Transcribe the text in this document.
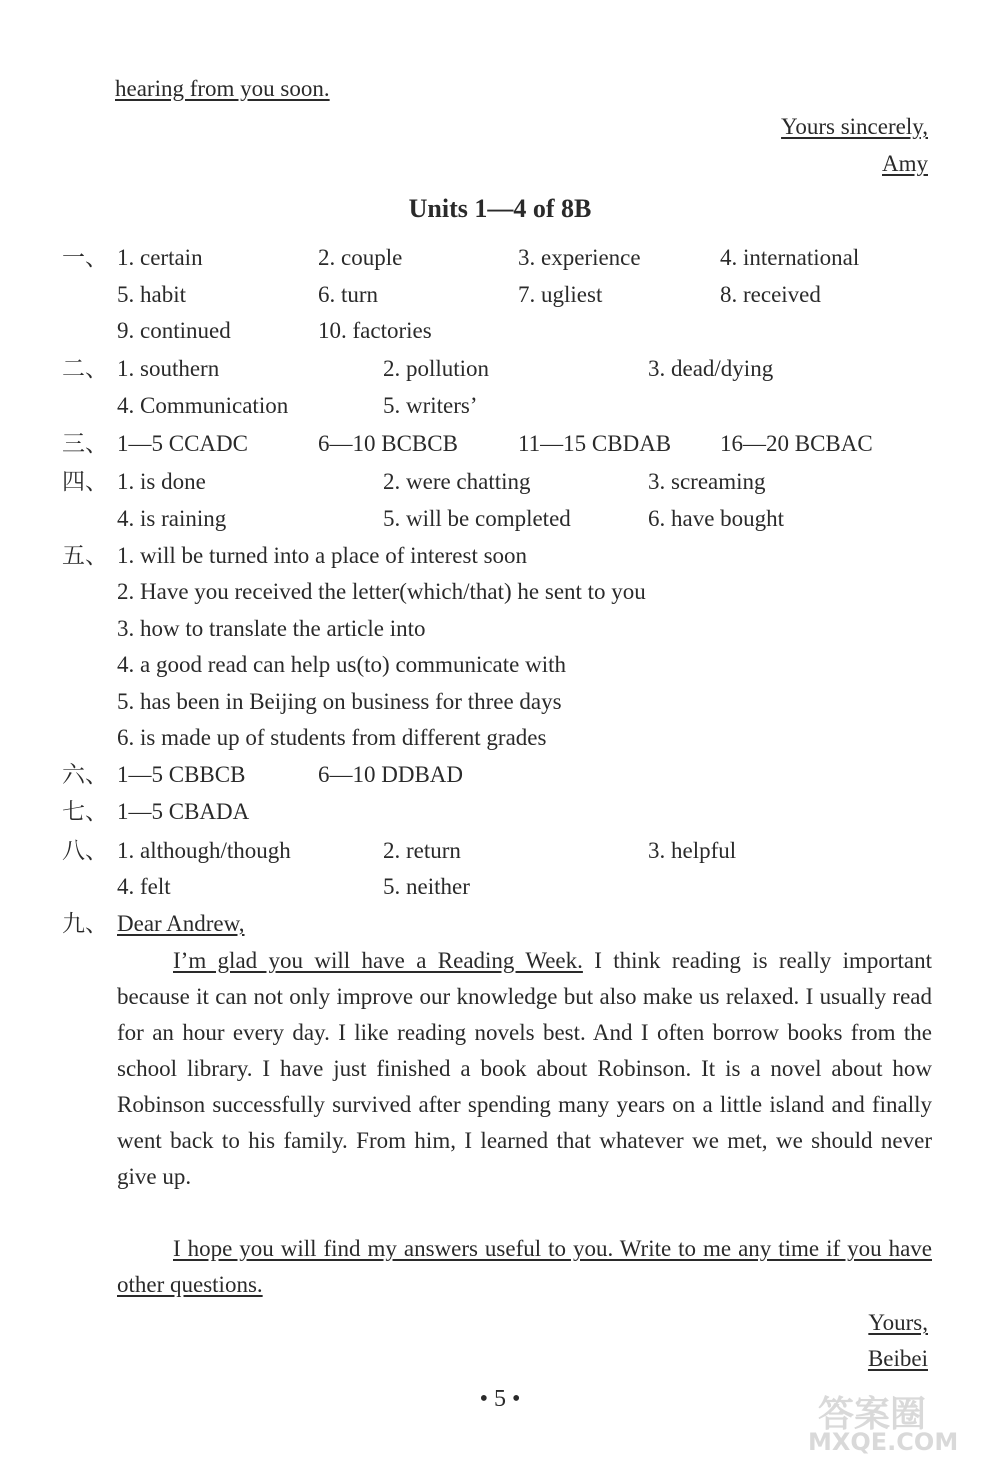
hearing from you soon.
Yours sincerely,
Amy
Units 1—4 of 8B
一、 1. certain	2. couple	3. experience	4. international
5. habit	6. turn	7. ugliest	8. received
9. continued	10. factories
二、 1. southern	2. pollution	3. dead/dying
4. Communication	5. writers’
三、 1—5 CCADC	6—10 BCBCB	11—15 CBDAB 16—20 BCBAC
四、 1. is done	2. were chatting	3. screaming
4. is raining	5. will be completed	6. have bought
五、 1. will be turned into a place of interest soon
2. Have you received the letter(which/that) he sent to you
3. how to translate the article into
4. a good read can help us(to) communicate with
5. has been in Beijing on business for three days
6. is made up of students from different grades
六、 1—5 CBBCB	6—10 DDBAD
七、 1—5 CBADA
八、 1. although/though	2. return	3. helpful
4. felt	5. neither
九、 Dear Andrew,
I’m glad you will have a Reading Week. I think reading is really important because it can not only improve our knowledge but also make us relaxed. I usually read for an hour every day. I like reading novels best. And I often borrow books from the school library. I have just finished a book about Robinson. It is a novel about how Robinson successfully survived after spending many years on a little island and finally went back to his family. From him, I learned that whatever we met, we should never give up.
I hope you will find my answers useful to you. Write to me any time if you have other questions.
Yours,
Beibei
• 5 •	答案圈
MXQE.COM
